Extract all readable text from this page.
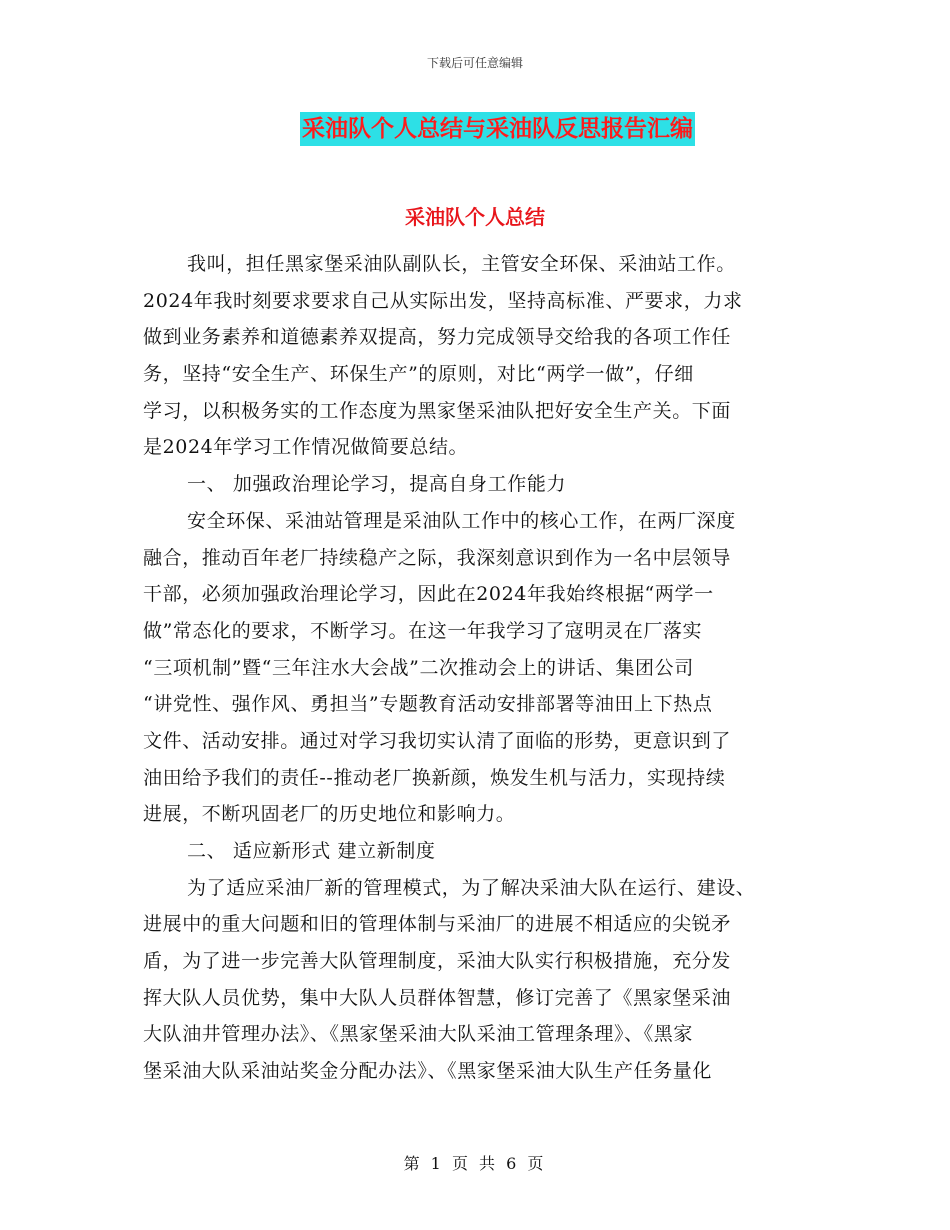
下载后可任意编辑
采油队个人总结与采油队反思报告汇编
采油队个人总结
我叫，担任黑家堡采油队副队长，主管安全环保、采油站工作。
2024年我时刻要求要求自己从实际出发，坚持高标准、严要求，力求
做到业务素养和道德素养双提高，努力完成领导交给我的各项工作任
务，坚持“安全生产、环保生产”的原则，对比“两学一做”，仔细
学习，以积极务实的工作态度为黑家堡采油队把好安全生产关。下面
是2024年学习工作情况做简要总结。
一、 加强政治理论学习，提高自身工作能力
安全环保、采油站管理是采油队工作中的核心工作，在两厂深度
融合，推动百年老厂持续稳产之际，我深刻意识到作为一名中层领导
干部，必须加强政治理论学习，因此在2024年我始终根据“两学一
做”常态化的要求，不断学习。在这一年我学习了寇明灵在厂落实
“三项机制”暨“三年注水大会战”二次推动会上的讲话、集团公司
“讲党性、强作风、勇担当”专题教育活动安排部署等油田上下热点
文件、活动安排。通过对学习我切实认清了面临的形势，更意识到了
油田给予我们的责任--推动老厂换新颜，焕发生机与活力，实现持续
进展，不断巩固老厂的历史地位和影响力。
二、 适应新形式 建立新制度
为了适应采油厂新的管理模式，为了解决采油大队在运行、建设、
进展中的重大问题和旧的管理体制与采油厂的进展不相适应的尖锐矛
盾，为了进一步完善大队管理制度，采油大队实行积极措施，充分发
挥大队人员优势，集中大队人员群体智慧，修订完善了《黑家堡采油
大队油井管理办法》、《黑家堡采油大队采油工管理条理》、《黑家
堡采油大队采油站奖金分配办法》、《黑家堡采油大队生产任务量化
第 1 页 共 6 页
